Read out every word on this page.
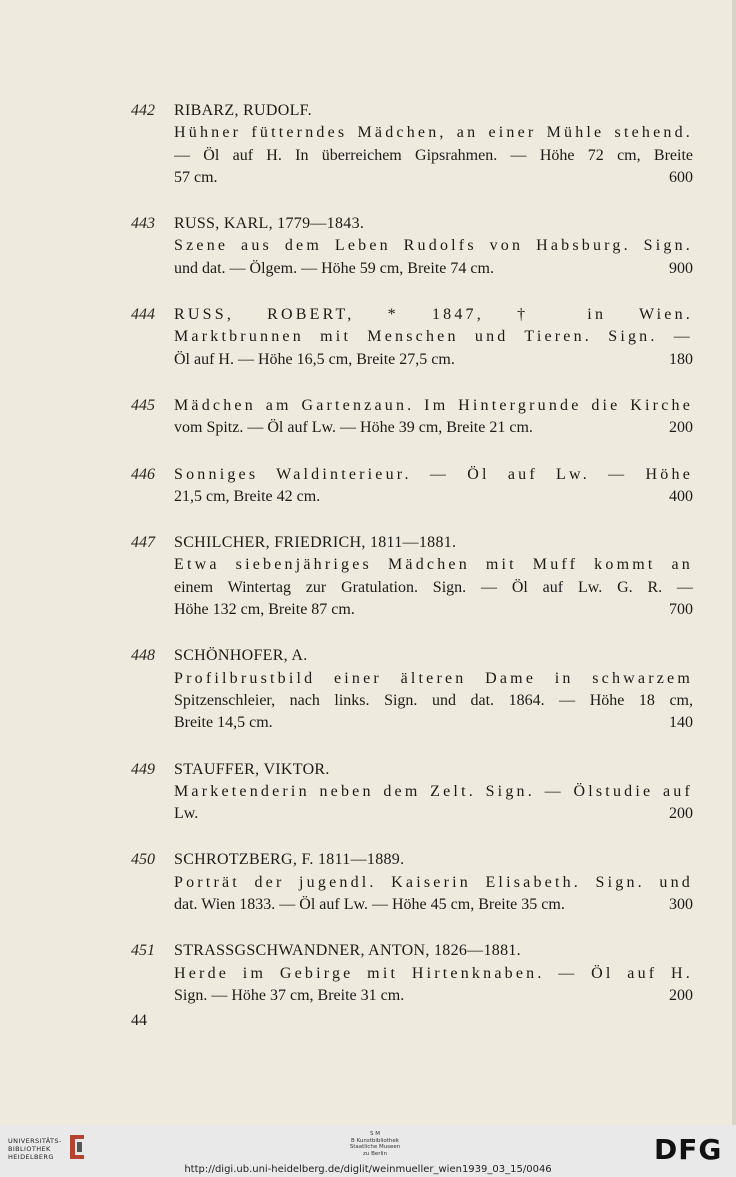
442 RIBARZ, RUDOLF.
Hühner fütterndes Mädchen, an einer Mühle stehend.
— Öl auf H. In überreichem Gipsrahmen. — Höhe 72 cm, Breite
57 cm.	600
443 RUSS, KARL, 1779—1843.
Szene aus dem Leben Rudolfs von Habsburg. Sign.
und dat. — Ölgem. — Höhe 59 cm, Breite 74 cm.	900
444 RUSS, ROBERT, * 1847, † in Wien.
Marktbrunnen mit Menschen und Tieren. Sign. —
Öl auf H. — Höhe 16,5 cm, Breite 27,5 cm.	180
445 Mädchen am Gartenzaun. Im Hintergrunde die Kirche
vom Spitz. — Öl auf Lw. — Höhe 39 cm, Breite 21 cm.	200
446 Sonniges Waldinterieur. — Öl auf Lw. — Höhe
21,5 cm, Breite 42 cm.	400
447 SCHILCHER, FRIEDRICH, 1811—1881.
Etwa siebenjähriges Mädchen mit Muff kommt an
einem Wintertag zur Gratulation. Sign. — Öl auf Lw. G. R. —
Höhe 132 cm, Breite 87 cm.	700
448 SCHÖNHOFER, A.
Profilbrustbild einer älteren Dame in schwarzem
Spitzenschleier, nach links. Sign. und dat. 1864. — Höhe 18 cm,
Breite 14,5 cm.	140
449 STAUFFER, VIKTOR.
Marketenderin neben dem Zelt. Sign. — Ölstudie auf
Lw.	200
450 SCHROTZBERG, F. 1811—1889.
Porträt der jugendl. Kaiserin Elisabeth. Sign. und
dat. Wien 1833. — Öl auf Lw. — Höhe 45 cm, Breite 35 cm.	300
451 STRASSGSCHWANDNER, ANTON, 1826—1881.
Herde im Gebirge mit Hirtenknaben. — Öl auf H.
Sign. — Höhe 37 cm, Breite 31 cm.	200
44
UNIVERSITÄTS-
BIBLIOTHEK
HEIDELBERG
S M
B Kunstbibliothek
Staatliche Museen
zu Berlin	DFG
http://digi.ub.uni-heidelberg.de/diglit/weinmueller_wien1939_03_15/0046
